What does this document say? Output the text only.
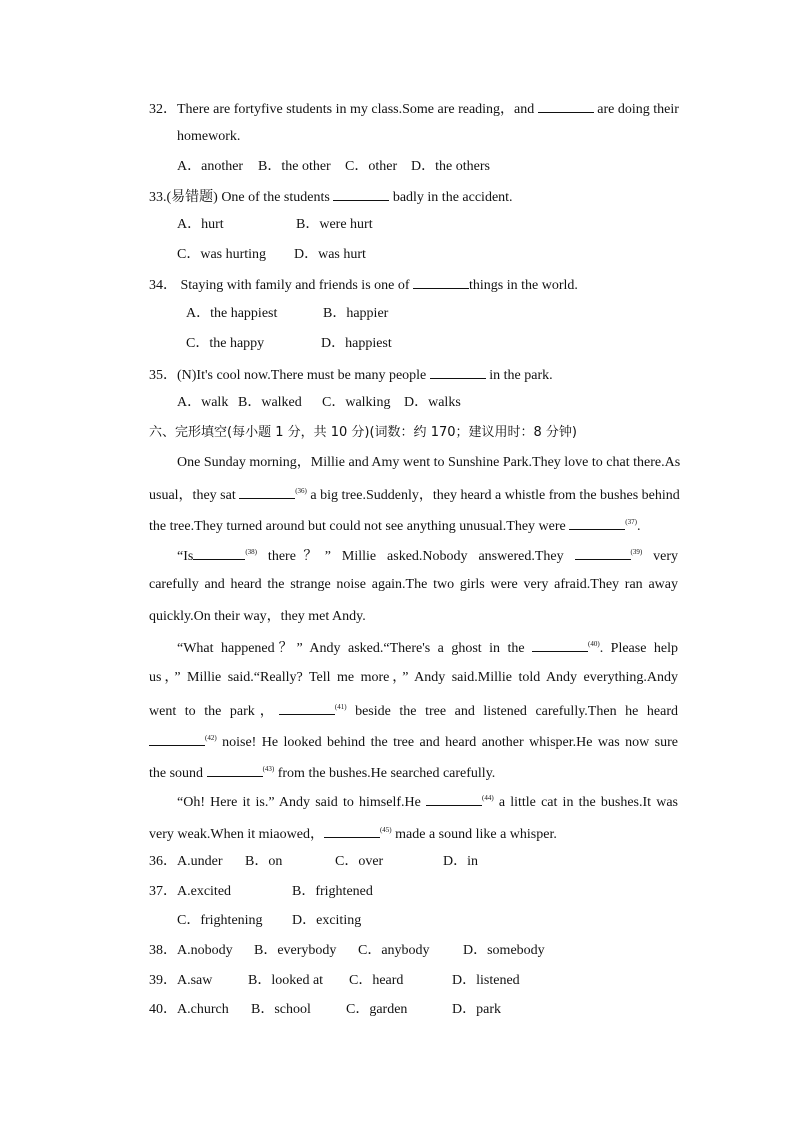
32．There are fortyfive students in my class.Some are reading，and	are doing their
homework.
A．another B．the other C．other D．the others
33.(易错题) One of the students	badly in the accident.
A．hurt	B．were hurt
C．was hurting D．was hurt
34． Staying with family and friends is one of	things in the world.
A．the happiest	B．happier
C．the happy	D．happiest
35．(N)It's cool now.There must be many people	in the park.
A．walk B．walked C．walking D．walks
六、完形填空(每小题 1 分，共 10 分)(词数：约 170；建议用时：8 分钟)
One Sunday morning，Millie and Amy went to Sunshine Park.They love to chat there.As
usual，they sat	$^{(36)}$ a big tree.Suddenly，they heard a whistle from the bushes behind
the tree.They turned around but could not see anything unusual.They were	$^{(37)}$.
“Is	$^{(38)}$ there？” Millie asked.Nobody answered.They	$^{(39)}$ very
carefully and heard the strange noise again.The two girls were very afraid.They ran away
quickly.On their way，they met Andy.
“What happened？” Andy asked.“There's a ghost in the	$^{(40)}$. Please help
us，” Millie said.“Really? Tell me more，” Andy said.Millie told Andy everything.Andy
went to the park，	$^{(41)}$ beside the tree and listened carefully.Then he heard
$^{(42)}$ noise! He looked behind the tree and heard another whisper.He was now sure
the sound	$^{(43)}$ from the bushes.He searched carefully.
“Oh! Here it is.” Andy said to himself.He	$^{(44)}$ a little cat in the bushes.It was
very weak.When it miaowed，	$^{(45)}$ made a sound like a whisper.
36． A.under B．on	C．over	D．in
37． A.excited	B．frightened
C．frightening D．exciting
38． A.nobody B．everybody C．anybody D．somebody
39． A.saw	B．looked at C．heard	D．listened
40． A.church B．school	C．garden	D．park
